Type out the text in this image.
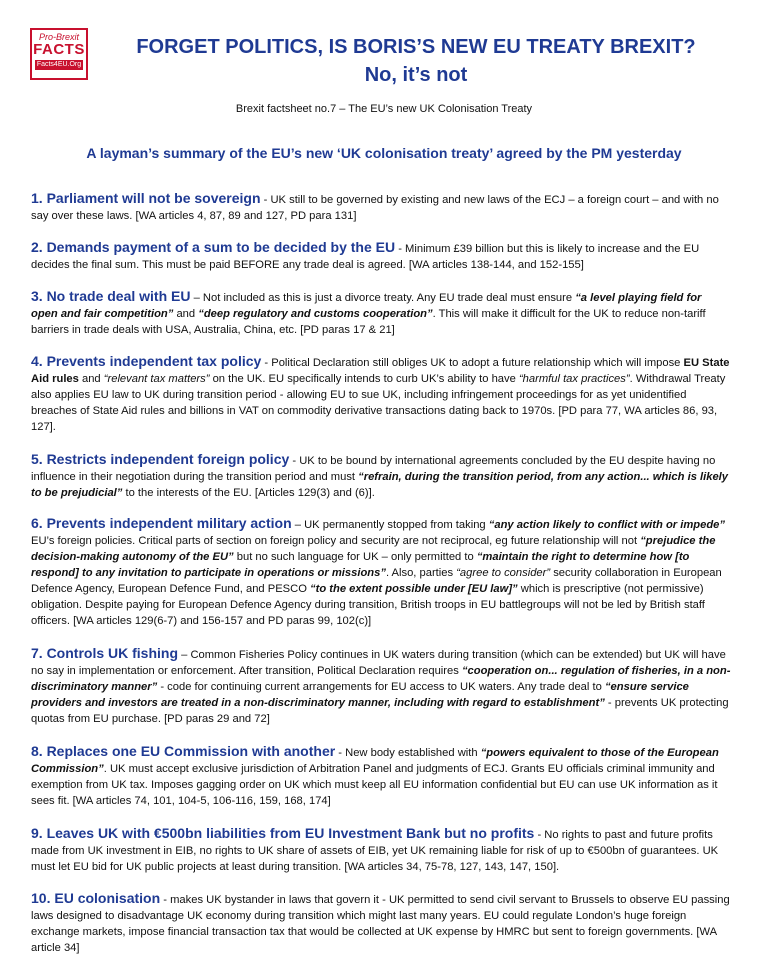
Pro-Brexit
FACTS
Facts4EU.Org
FORGET POLITICS, IS BORIS’S NEW EU TREATY BREXIT?
No, it’s not
Brexit factsheet no.7 – The EU’s new UK Colonisation Treaty
A layman’s summary of the EU’s new ‘UK colonisation treaty’ agreed by the PM yesterday
1. Parliament will not be sovereign - UK still to be governed by existing and new laws of the ECJ – a foreign court – and with no say over these laws. [WA articles 4, 87, 89 and 127, PD para 131]
2. Demands payment of a sum to be decided by the EU - Minimum £39 billion but this is likely to increase and the EU decides the final sum. This must be paid BEFORE any trade deal is agreed. [WA articles 138-144, and 152-155]
3. No trade deal with EU – Not included as this is just a divorce treaty. Any EU trade deal must ensure “a level playing field for open and fair competition” and “deep regulatory and customs cooperation”. This will make it difficult for the UK to reduce non-tariff barriers in trade deals with USA, Australia, China, etc. [PD paras 17 & 21]
4. Prevents independent tax policy - Political Declaration still obliges UK to adopt a future relationship which will impose EU State Aid rules and “relevant tax matters” on the UK. EU specifically intends to curb UK’s ability to have “harmful tax practices”. Withdrawal Treaty also applies EU law to UK during transition period - allowing EU to sue UK, including infringement proceedings for as yet unidentified breaches of State Aid rules and billions in VAT on commodity derivative transactions dating back to 1970s. [PD para 77, WA articles 86, 93, 127].
5. Restricts independent foreign policy - UK to be bound by international agreements concluded by the EU despite having no influence in their negotiation during the transition period and must “refrain, during the transition period, from any action... which is likely to be prejudicial” to the interests of the EU. [Articles 129(3) and (6)].
6. Prevents independent military action – UK permanently stopped from taking “any action likely to conflict with or impede” EU’s foreign policies. Critical parts of section on foreign policy and security are not reciprocal, eg future relationship will not “prejudice the decision-making autonomy of the EU” but no such language for UK – only permitted to “maintain the right to determine how [to respond] to any invitation to participate in operations or missions”. Also, parties “agree to consider” security collaboration in European Defence Agency, European Defence Fund, and PESCO “to the extent possible under [EU law]” which is prescriptive (not permissive) obligation. Despite paying for European Defence Agency during transition, British troops in EU battlegroups will not be led by British staff officers. [WA articles 129(6-7) and 156-157 and PD paras 99, 102(c)]
7. Controls UK fishing – Common Fisheries Policy continues in UK waters during transition (which can be extended) but UK will have no say in implementation or enforcement. After transition, Political Declaration requires “cooperation on... regulation of fisheries, in a non-discriminatory manner” - code for continuing current arrangements for EU access to UK waters. Any trade deal to “ensure service providers and investors are treated in a non-discriminatory manner, including with regard to establishment” - prevents UK protecting quotas from EU purchase. [PD paras 29 and 72]
8. Replaces one EU Commission with another - New body established with “powers equivalent to those of the European Commission”. UK must accept exclusive jurisdiction of Arbitration Panel and judgments of ECJ. Grants EU officials criminal immunity and exemption from UK tax. Imposes gagging order on UK which must keep all EU information confidential but EU can use UK information as it sees fit. [WA articles 74, 101, 104-5, 106-116, 159, 168, 174]
9. Leaves UK with €500bn liabilities from EU Investment Bank but no profits - No rights to past and future profits made from UK investment in EIB, no rights to UK share of assets of EIB, yet UK remaining liable for risk of up to €500bn of guarantees. UK must let EU bid for UK public projects at least during transition. [WA articles 34, 75-78, 127, 143, 147, 150].
10. EU colonisation - makes UK bystander in laws that govern it - UK permitted to send civil servant to Brussels to observe EU passing laws designed to disadvantage UK economy during transition which might last many years. EU could regulate London’s huge foreign exchange markets, impose financial transaction tax that would be collected at UK expense by HMRC but sent to foreign governments. [WA article 34]
